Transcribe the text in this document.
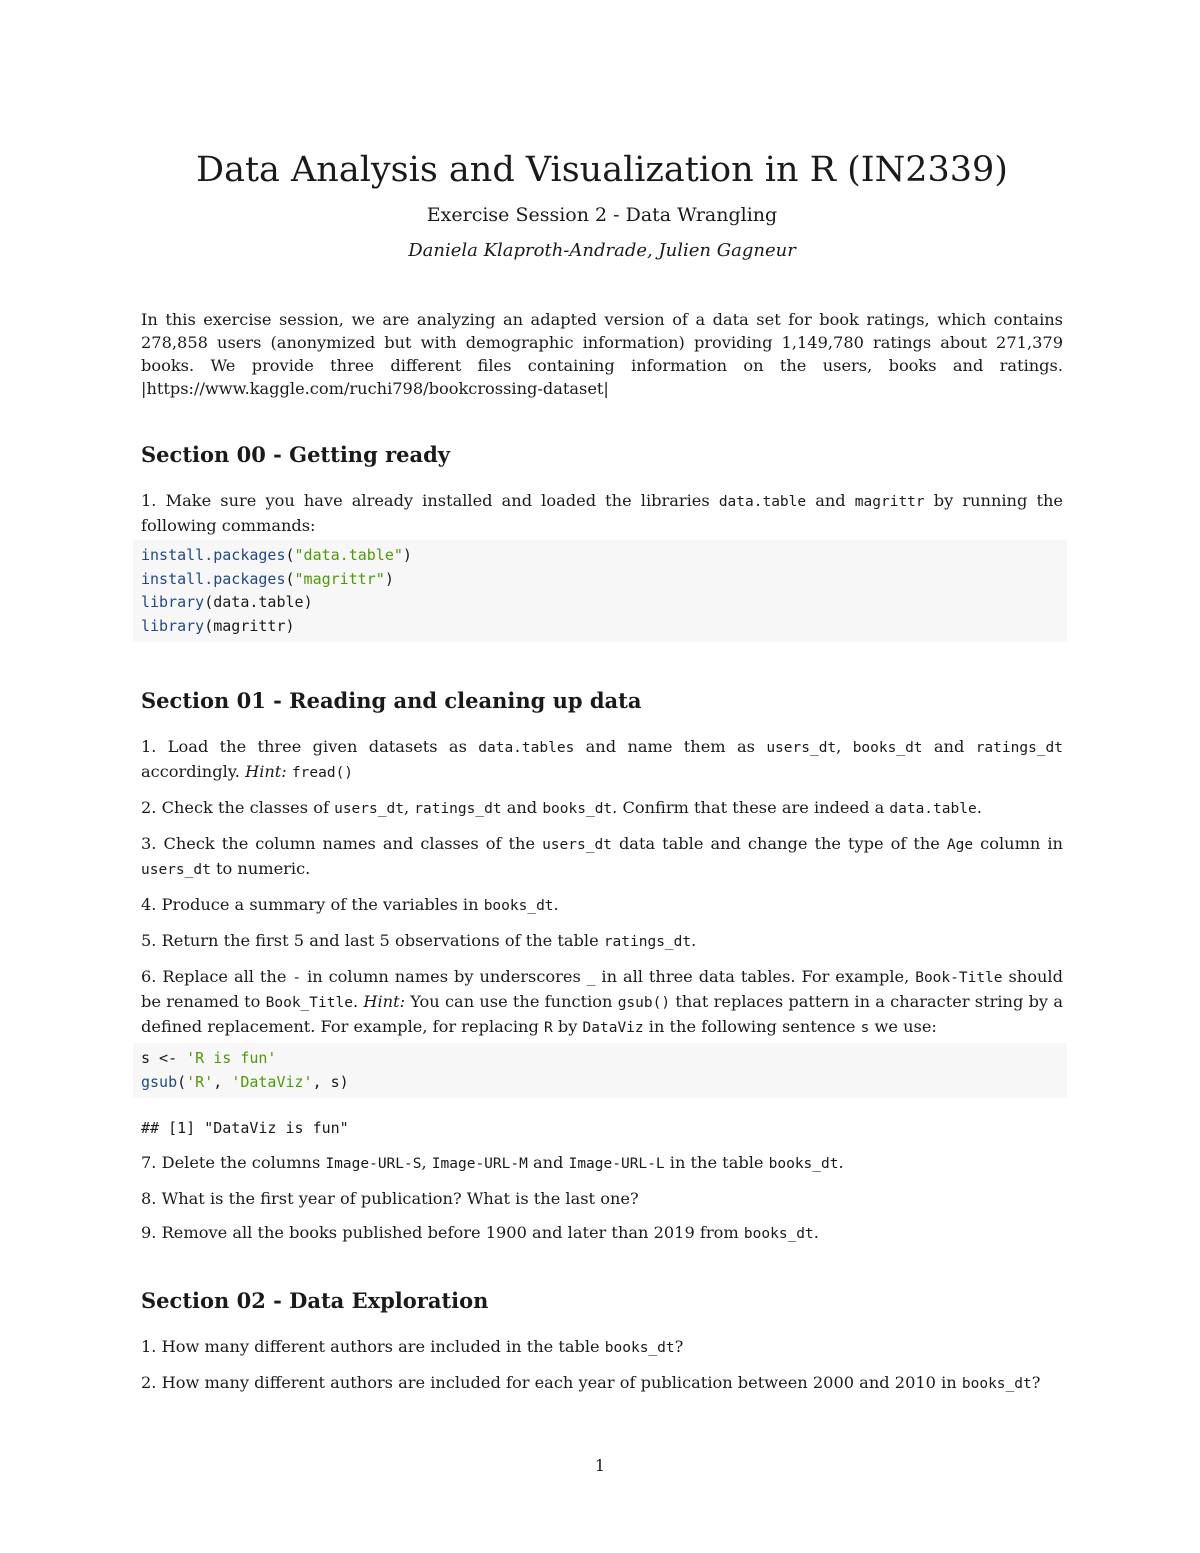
Data Analysis and Visualization in R (IN2339)
Exercise Session 2 - Data Wrangling
Daniela Klaproth-Andrade, Julien Gagneur

In this exercise session, we are analyzing an adapted version of a data set for book ratings, which contains 278,858 users (anonymized but with demographic information) providing 1,149,780 ratings about 271,379 books. We provide three different files containing information on the users, books and ratings. |https://www.kaggle.com/ruchi798/bookcrossing-dataset|

Section 00 - Getting ready

1. Make sure you have already installed and loaded the libraries data.table and magrittr by running the following commands:

install.packages("data.table")
install.packages("magrittr")
library(data.table)
library(magrittr)
Section 01 - Reading and cleaning up data

1. Load the three given datasets as data.tables and name them as users_dt, books_dt and ratings_dt accordingly. Hint: fread()

2. Check the classes of users_dt, ratings_dt and books_dt. Confirm that these are indeed a data.table.

3. Check the column names and classes of the users_dt data table and change the type of the Age column in users_dt to numeric.

4. Produce a summary of the variables in books_dt.

5. Return the first 5 and last 5 observations of the table ratings_dt.

6. Replace all the - in column names by underscores _ in all three data tables. For example, Book-Title should be renamed to Book_Title. Hint: You can use the function gsub() that replaces pattern in a character string by a defined replacement. For example, for replacing R by DataViz in the following sentence s we use:

s <- 'R is fun'
gsub('R', 'DataViz', s)
## [1] "DataViz is fun"

7. Delete the columns Image-URL-S, Image-URL-M and Image-URL-L in the table books_dt.

8. What is the first year of publication? What is the last one?

9. Remove all the books published before 1900 and later than 2019 from books_dt.

Section 02 - Data Exploration

1. How many different authors are included in the table books_dt?

2. How many different authors are included for each year of publication between 2000 and 2010 in books_dt?

1
